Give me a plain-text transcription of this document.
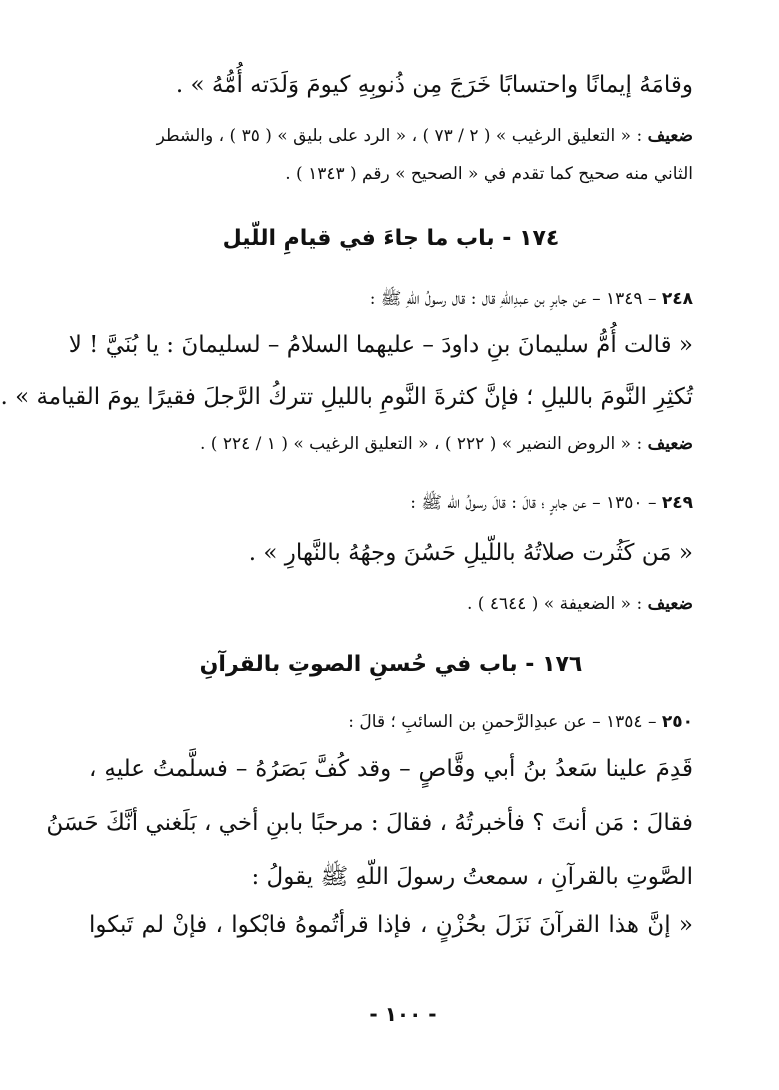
وقامَهُ إيمانًا واحتسابًا خَرَجَ مِن ذُنوبِهِ كيومَ وَلَدَته أُمُّهُ » .
ضعيف : « التعليق الرغيب » ( ٢ / ٧٣ ) ، « الرد على بليق » ( ٣٥ ) ، والشطر
الثاني منه صحيح كما تقدم في « الصحيح » رقم ( ١٣٤٣ ) .
١٧٤ - باب ما جاءَ في قيامِ اللّيل
٢٤٨ – ١٣٤٩ – عن جابرِ بن عبدِاللهِ قال : قال رسولُ اللهِ ﷺ :
« قالت أُمُّ سليمانَ بنِ داودَ – عليهما السلامُ – لسليمانَ : يا بُنَيَّ ! لا
تُكثِرِ النَّومَ بالليلِ ؛ فإنَّ كثرةَ النَّومِ بالليلِ تتركُ الرَّجلَ فقيرًا يومَ القيامة » .
ضعيف : « الروض النضير » ( ٢٢٢ ) ، « التعليق الرغيب » ( ١ / ٢٢٤ ) .
٢٤٩ – ١٣٥٠ – عن جابرٍ ؛ قالَ : قالَ رسولُ اللّه ﷺ :
« مَن كَثُرت صلاتُهُ باللّيلِ حَسُنَ وجهُهُ بالنَّهارِ » .
ضعيف : « الضعيفة » ( ٤٦٤٤ ) .
١٧٦ - باب في حُسنِ الصوتِ بالقرآنِ
٢٥٠ – ١٣٥٤ – عن عبدِالرَّحمنِ بن السائبِ ؛ قالَ :
قَدِمَ علينا سَعدُ بنُ أبي وقَّاصٍ – وقد كُفَّ بَصَرُهُ – فسلَّمتُ عليهِ ،
فقالَ : مَن أنتَ ؟ فأخبرتُهُ ، فقالَ : مرحبًا بابنِ أخي ، بَلَغني أنَّكَ حَسَنُ
الصَّوتِ بالقرآنِ ، سمعتُ رسولَ اللّهِ ﷺ يقولُ :
« إنَّ هذا القرآنَ نَزَلَ بحُزْنٍ ، فإذا قرأتُموهُ فابْكوا ، فإنْ لم تَبكوا
- ١٠٠ -
